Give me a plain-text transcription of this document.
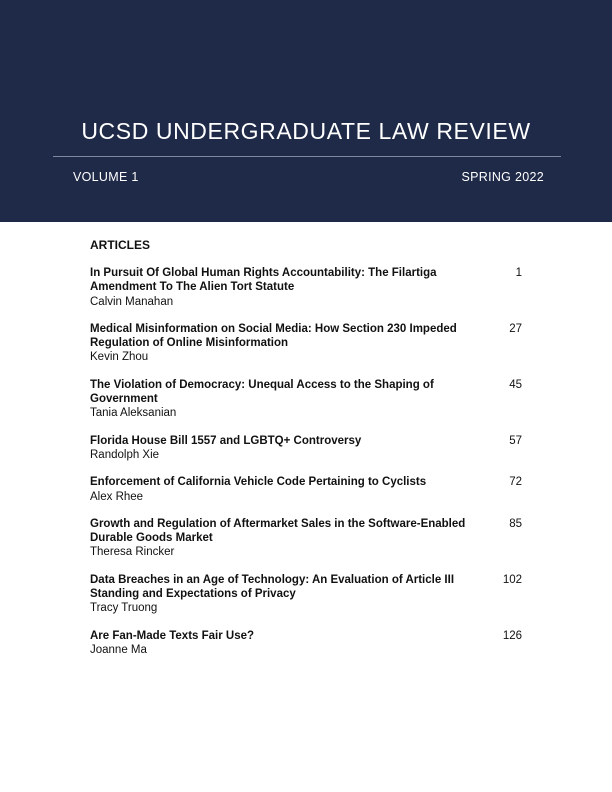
UCSD UNDERGRADUATE LAW REVIEW
VOLUME 1	SPRING 2022
ARTICLES
In Pursuit Of Global Human Rights Accountability: The Filartiga Amendment To The Alien Tort Statute
Calvin Manahan
1
Medical Misinformation on Social Media: How Section 230 Impeded Regulation of Online Misinformation
Kevin Zhou
27
The Violation of Democracy: Unequal Access to the Shaping of Government
Tania Aleksanian
45
Florida House Bill 1557 and LGBTQ+ Controversy
Randolph Xie
57
Enforcement of California Vehicle Code Pertaining to Cyclists
Alex Rhee
72
Growth and Regulation of Aftermarket Sales in the Software-Enabled Durable Goods Market
Theresa Rincker
85
Data Breaches in an Age of Technology: An Evaluation of Article III Standing and Expectations of Privacy
Tracy Truong
102
Are Fan-Made Texts Fair Use?
Joanne Ma
126
